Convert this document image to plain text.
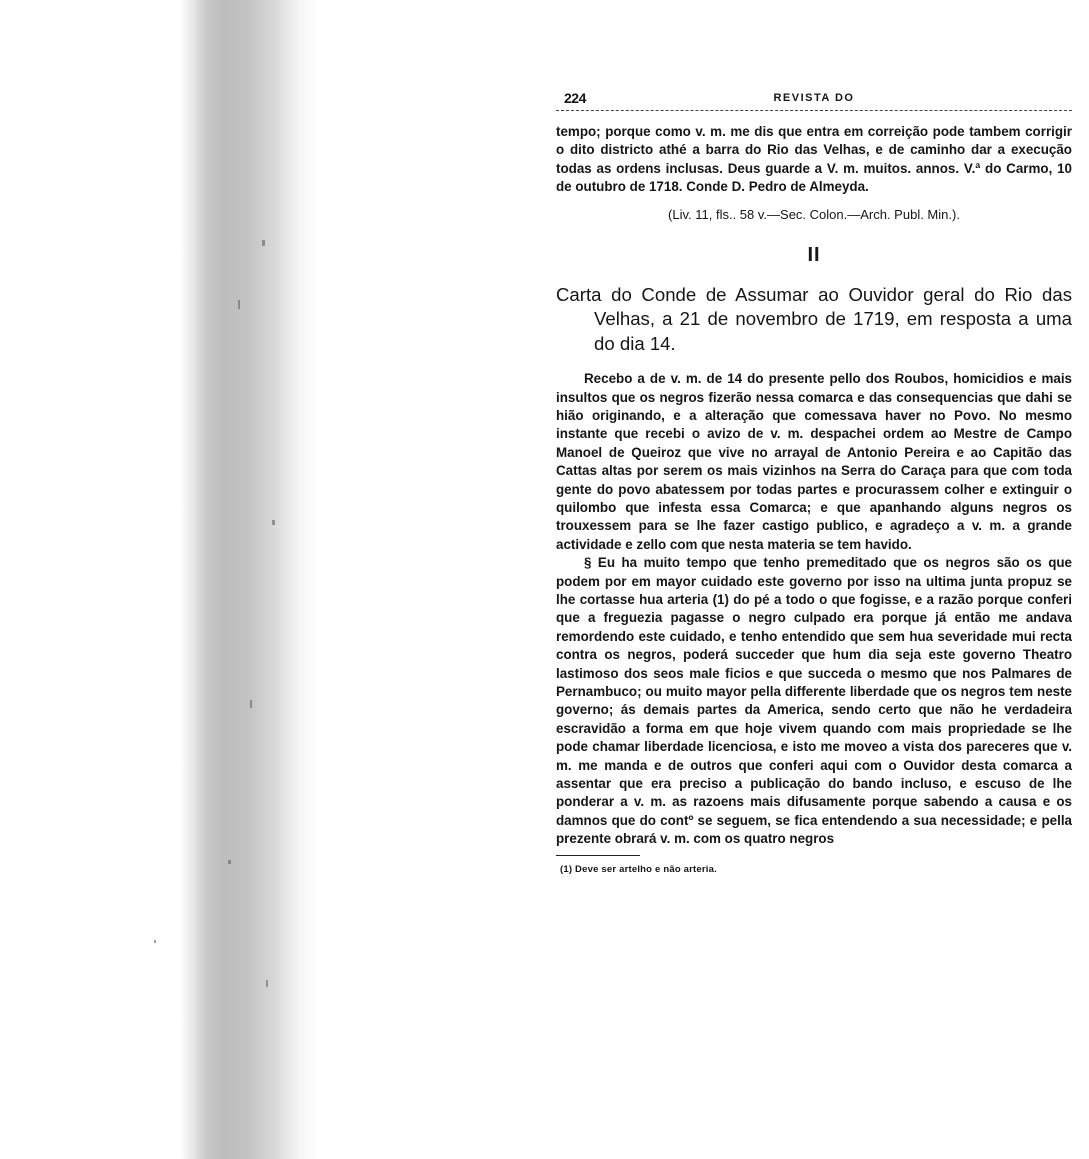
224	REVISTA DO

tempo; porque como v. m. me dis que entra em correição pode tambem corrigir o dito districto athé a barra do Rio das Velhas, e de caminho dar a execução todas as ordens inclusas. Deus guarde a V. m. muitos. annos. V.ª do Carmo, 10 de outubro de 1718. Conde D. Pedro de Almeyda.

(Liv. 11, fls.. 58 v.—Sec. Colon.—Arch. Publ. Min.).

II

Carta do Conde de Assumar ao Ouvidor geral do Rio das Velhas, a 21 de novembro de 1719, em resposta a uma do dia 14.

Recebo a de v. m. de 14 do presente pello dos Roubos, homicidios e mais insultos que os negros fizerão nessa comarca e das consequencias que dahi se hião originando, e a alteração que comessava haver no Povo. No mesmo instante que recebi o avizo de v. m. despachei ordem ao Mestre de Campo Manoel de Queiroz que vive no arrayal de Antonio Pereira e ao Capitão das Cattas altas por serem os mais vizinhos na Serra do Caraça para que com toda gente do povo abatessem por todas partes e procurassem colher e extinguir o quilombo que infesta essa Comarca; e que apanhando alguns negros os trouxessem para se lhe fazer castigo publico, e agradeço a v. m. a grande actividade e zello com que nesta materia se tem havido.

§ Eu ha muito tempo que tenho premeditado que os negros são os que podem por em mayor cuidado este governo por isso na ultima junta propuz se lhe cortasse hua arteria (1) do pé a todo o que fogisse, e a razão porque conferi que a freguezia pagasse o negro culpado era porque já então me andava remordendo este cuidado, e tenho entendido que sem hua severidade mui recta contra os negros, poderá succeder que hum dia seja este governo Theatro lastimoso dos seos male ficios e que succeda o mesmo que nos Palmares de Pernambuco; ou muito mayor pella differente liberdade que os negros tem neste governo; ás demais partes da America, sendo certo que não he verdadeira escravidão a forma em que hoje vivem quando com mais propriedade se lhe pode chamar liberdade licenciosa, e isto me moveo a vista dos pareceres que v. m. me manda e de outros que conferi aqui com o Ouvidor desta comarca a assentar que era preciso a publicação do bando incluso, e escuso de lhe ponderar a v. m. as razoens mais difusamente porque sabendo a causa e os damnos que do contº se seguem, se fica entendendo a sua necessidade; e pella prezente obrará v. m. com os quatro negros

(1) Deve ser artelho e não arteria.
